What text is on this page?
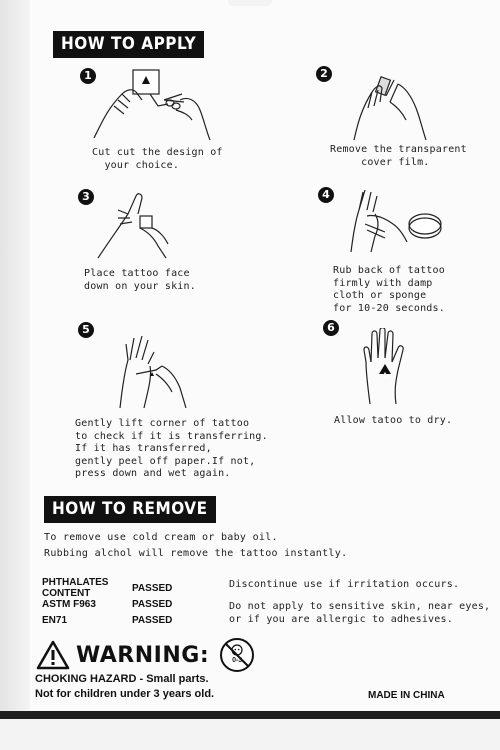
HOW TO APPLY
1
Cut cut the design of
your choice.
2
Remove the transparent
cover film.
3
Place tattoo face
down on your skin.
4
Rub back of tattoo
firmly with damp
cloth or sponge
for 10-20 seconds.
5
Gently lift corner of tattoo
to check if it is transferring.
If it has transferred,
gently peel off paper.If not,
press down and wet again.
6
Allow tatoo to dry.
HOW TO REMOVE
To remove use cold cream or baby oil.
Rubbing alchol will remove the tattoo instantly.
PHTHALATES CONTENT	PASSED
ASTM F963	PASSED
EN71	PASSED
Discontinue use if irritation occurs.
Do not apply to sensitive skin, near eyes,
or if you are allergic to adhesives.
WARNING:	0-3
CHOKING HAZARD - Small parts.
Not for children under 3 years old.	MADE IN CHINA
